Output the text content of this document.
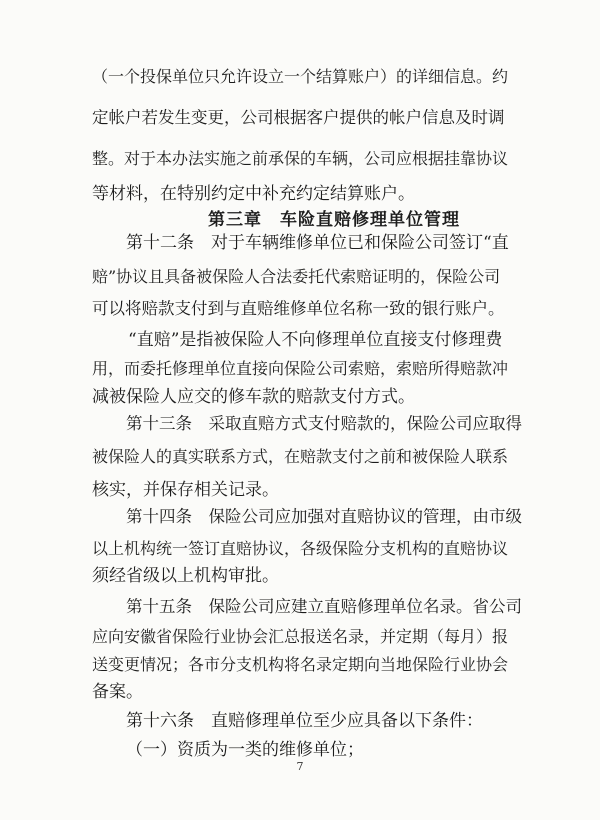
（一个投保单位只允许设立一个结算账户）的详细信息。约
定帐户若发生变更，公司根据客户提供的帐户信息及时调
整。对于本办法实施之前承保的车辆，公司应根据挂靠协议
等材料，在特别约定中补充约定结算账户。
第三章　车险直赔修理单位管理
第十二条　对于车辆维修单位已和保险公司签订“直
赔”协议且具备被保险人合法委托代索赔证明的，保险公司
可以将赔款支付到与直赔维修单位名称一致的银行账户。
“直赔”是指被保险人不向修理单位直接支付修理费
用，而委托修理单位直接向保险公司索赔，索赔所得赔款冲
减被保险人应交的修车款的赔款支付方式。
第十三条　采取直赔方式支付赔款的，保险公司应取得
被保险人的真实联系方式，在赔款支付之前和被保险人联系
核实，并保存相关记录。
第十四条　保险公司应加强对直赔协议的管理，由市级
以上机构统一签订直赔协议，各级保险分支机构的直赔协议
须经省级以上机构审批。
第十五条　保险公司应建立直赔修理单位名录。省公司
应向安徽省保险行业协会汇总报送名录，并定期（每月）报
送变更情况；各市分支机构将名录定期向当地保险行业协会
备案。
第十六条　直赔修理单位至少应具备以下条件：
（一）资质为一类的维修单位；
7
